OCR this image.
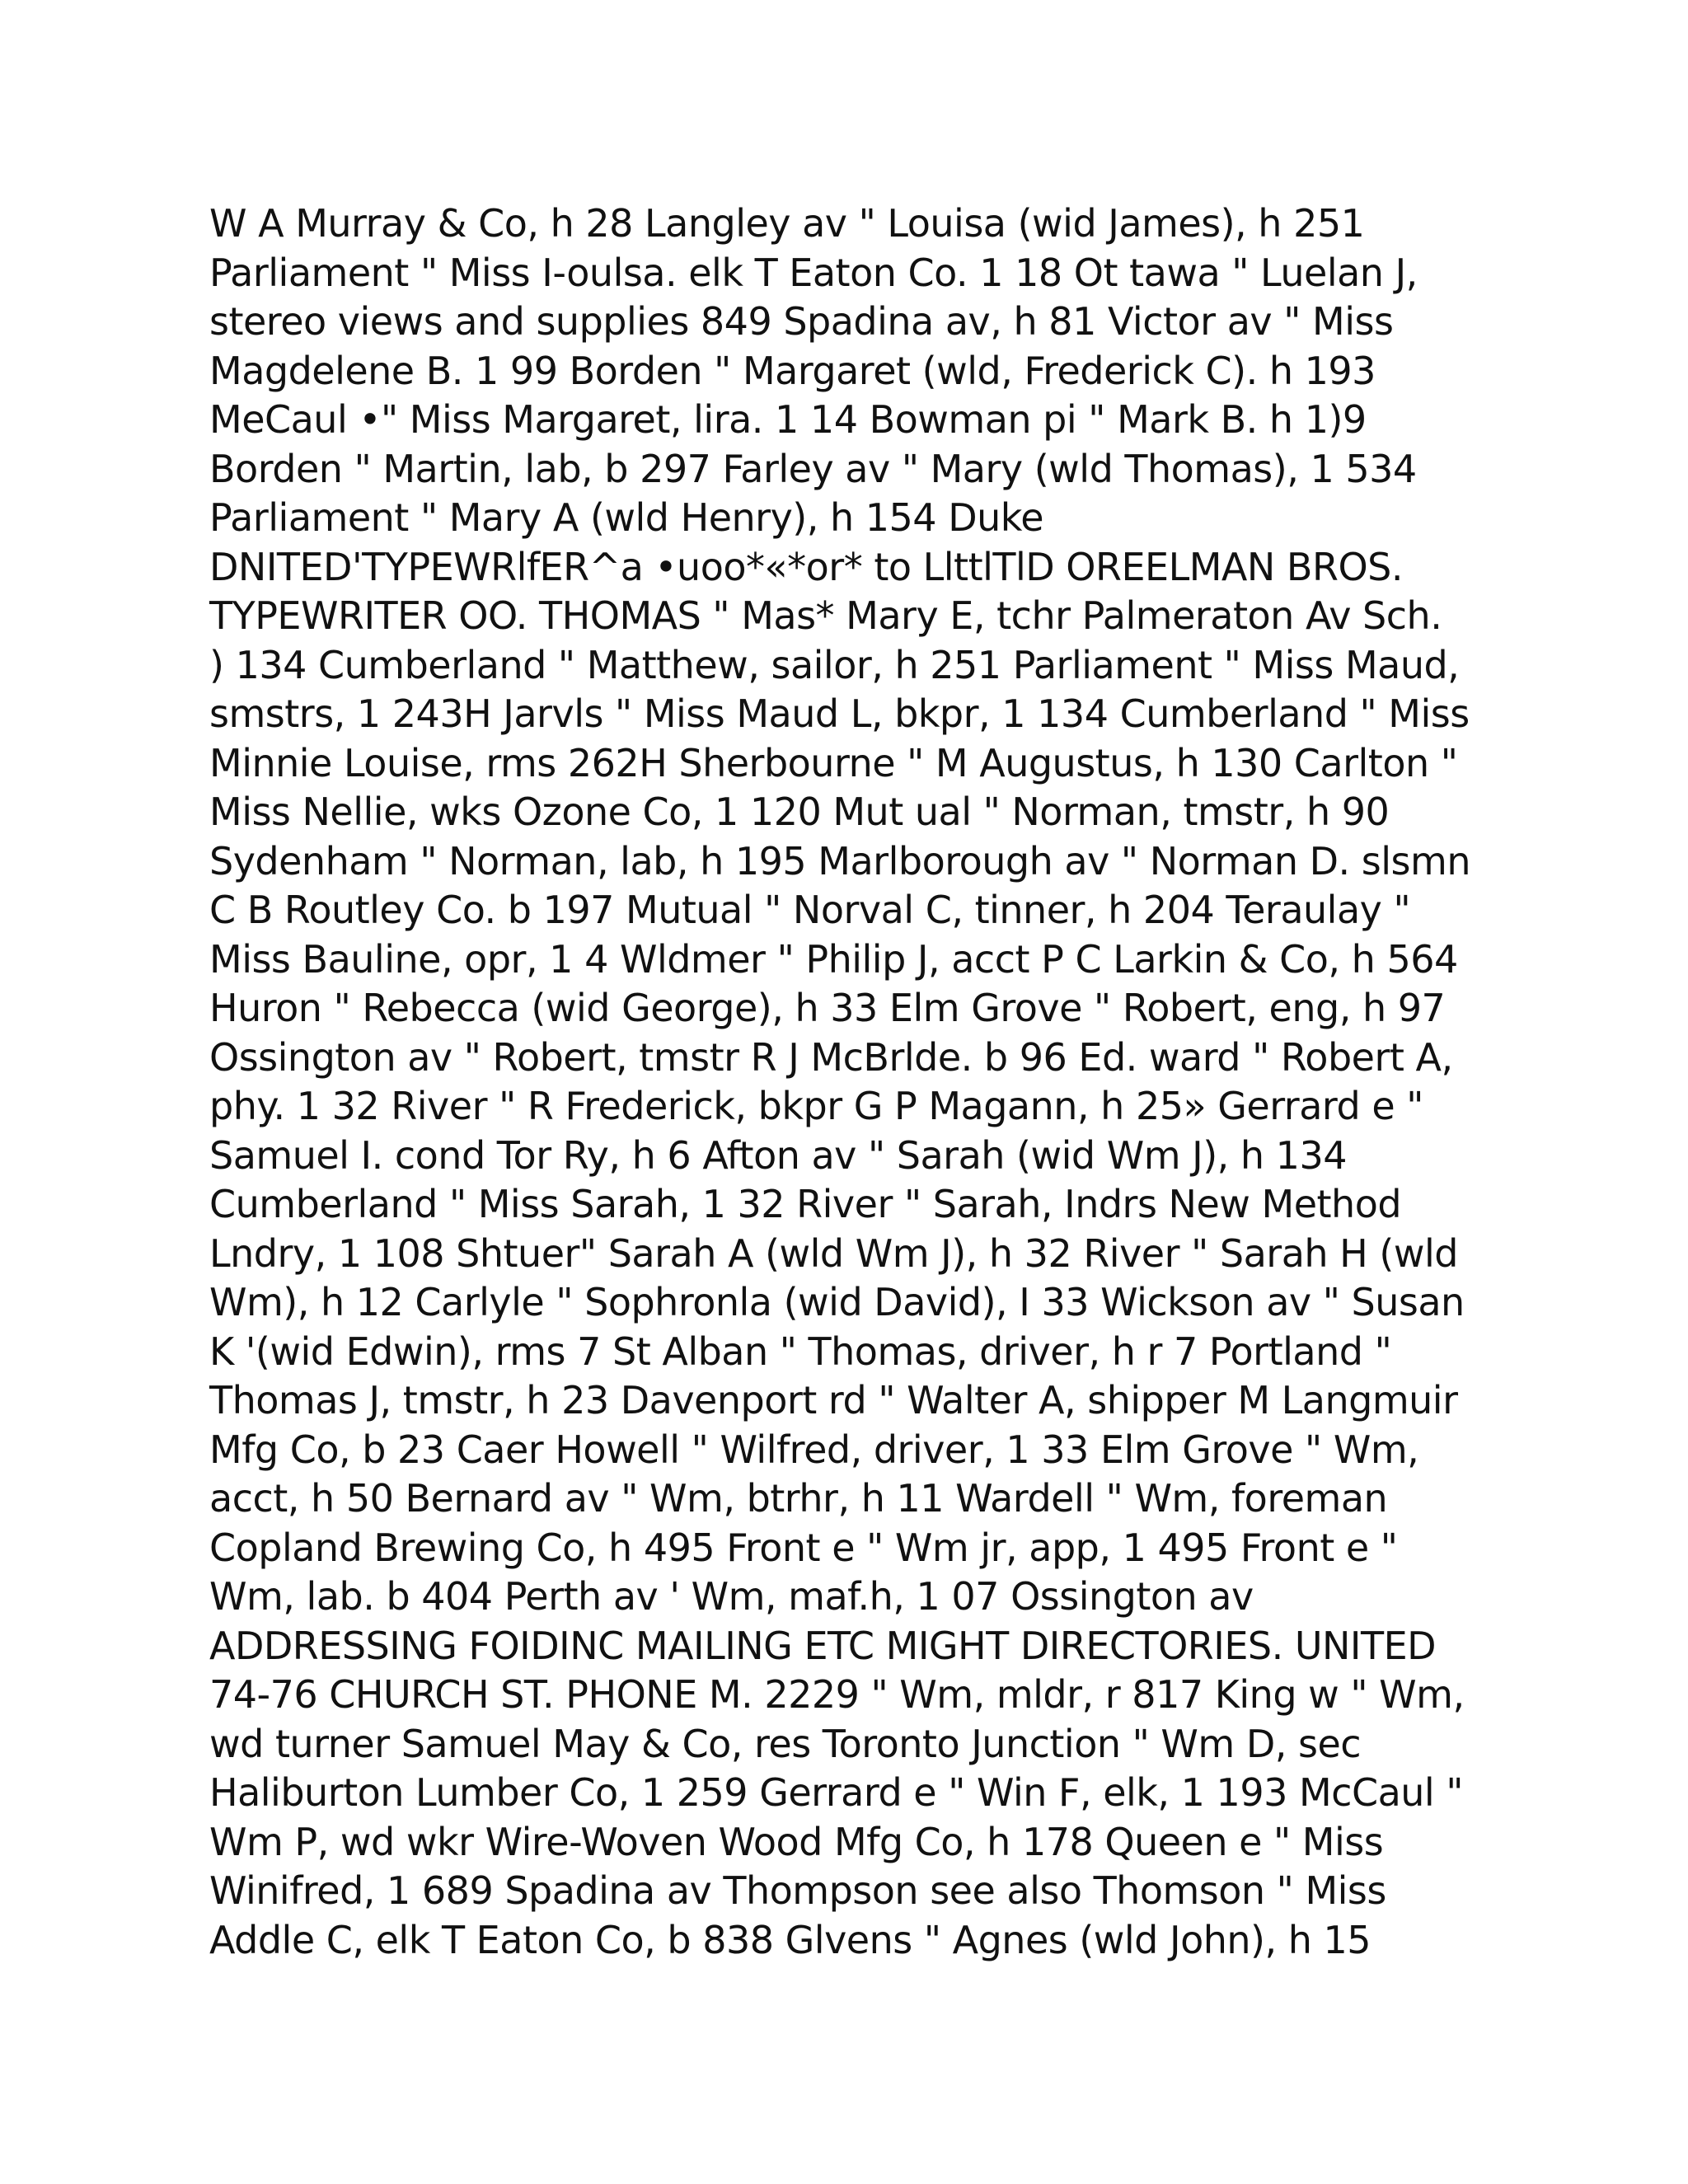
W A Murray & Co, h 28 Langley av " Louisa (wid James), h 251
Parliament " Miss I-oulsa. elk T Eaton Co. 1 18 Ot tawa " Luelan J,
stereo views and supplies 849 Spadina av, h 81 Victor av " Miss
Magdelene B. 1 99 Borden " Margaret (wld, Frederick C). h 193
MeCaul •" Miss Margaret, lira. 1 14 Bowman pi " Mark B. h 1)9
Borden " Martin, lab, b 297 Farley av " Mary (wld Thomas), 1 534
Parliament " Mary A (wld Henry), h 154 Duke
DNITED'TYPEWRlfER^a •uoo*«*or* to LlttlTlD OREELMAN BROS.
TYPEWRITER OO. THOMAS " Mas* Mary E, tchr Palmeraton Av Sch.
) 134 Cumberland " Matthew, sailor, h 251 Parliament " Miss Maud,
smstrs, 1 243H Jarvls " Miss Maud L, bkpr, 1 134 Cumberland " Miss
Minnie Louise, rms 262H Sherbourne " M Augustus, h 130 Carlton "
Miss Nellie, wks Ozone Co, 1 120 Mut ual " Norman, tmstr, h 90
Sydenham " Norman, lab, h 195 Marlborough av " Norman D. slsmn
C B Routley Co. b 197 Mutual " Norval C, tinner, h 204 Teraulay "
Miss Bauline, opr, 1 4 Wldmer " Philip J, acct P C Larkin & Co, h 564
Huron " Rebecca (wid George), h 33 Elm Grove " Robert, eng, h 97
Ossington av " Robert, tmstr R J McBrlde. b 96 Ed. ward " Robert A,
phy. 1 32 River " R Frederick, bkpr G P Magann, h 25» Gerrard e "
Samuel I. cond Tor Ry, h 6 Afton av " Sarah (wid Wm J), h 134
Cumberland " Miss Sarah, 1 32 River " Sarah, Indrs New Method
Lndry, 1 108 Shtuer" Sarah A (wld Wm J), h 32 River " Sarah H (wld
Wm), h 12 Carlyle " Sophronla (wid David), I 33 Wickson av " Susan
K '(wid Edwin), rms 7 St Alban " Thomas, driver, h r 7 Portland "
Thomas J, tmstr, h 23 Davenport rd " Walter A, shipper M Langmuir
Mfg Co, b 23 Caer Howell " Wilfred, driver, 1 33 Elm Grove " Wm,
acct, h 50 Bernard av " Wm, btrhr, h 11 Wardell " Wm, foreman
Copland Brewing Co, h 495 Front e " Wm jr, app, 1 495 Front e "
Wm, lab. b 404 Perth av ' Wm, maf.h, 1 07 Ossington av
ADDRESSING FOIDINC MAILING ETC MIGHT DIRECTORIES. UNITED
74-76 CHURCH ST. PHONE M. 2229 " Wm, mldr, r 817 King w " Wm,
wd turner Samuel May & Co, res Toronto Junction " Wm D, sec
Haliburton Lumber Co, 1 259 Gerrard e " Win F, elk, 1 193 McCaul "
Wm P, wd wkr Wire-Woven Wood Mfg Co, h 178 Queen e " Miss
Winifred, 1 689 Spadina av Thompson see also Thomson " Miss
Addle C, elk T Eaton Co, b 838 Glvens " Agnes (wld John), h 15
